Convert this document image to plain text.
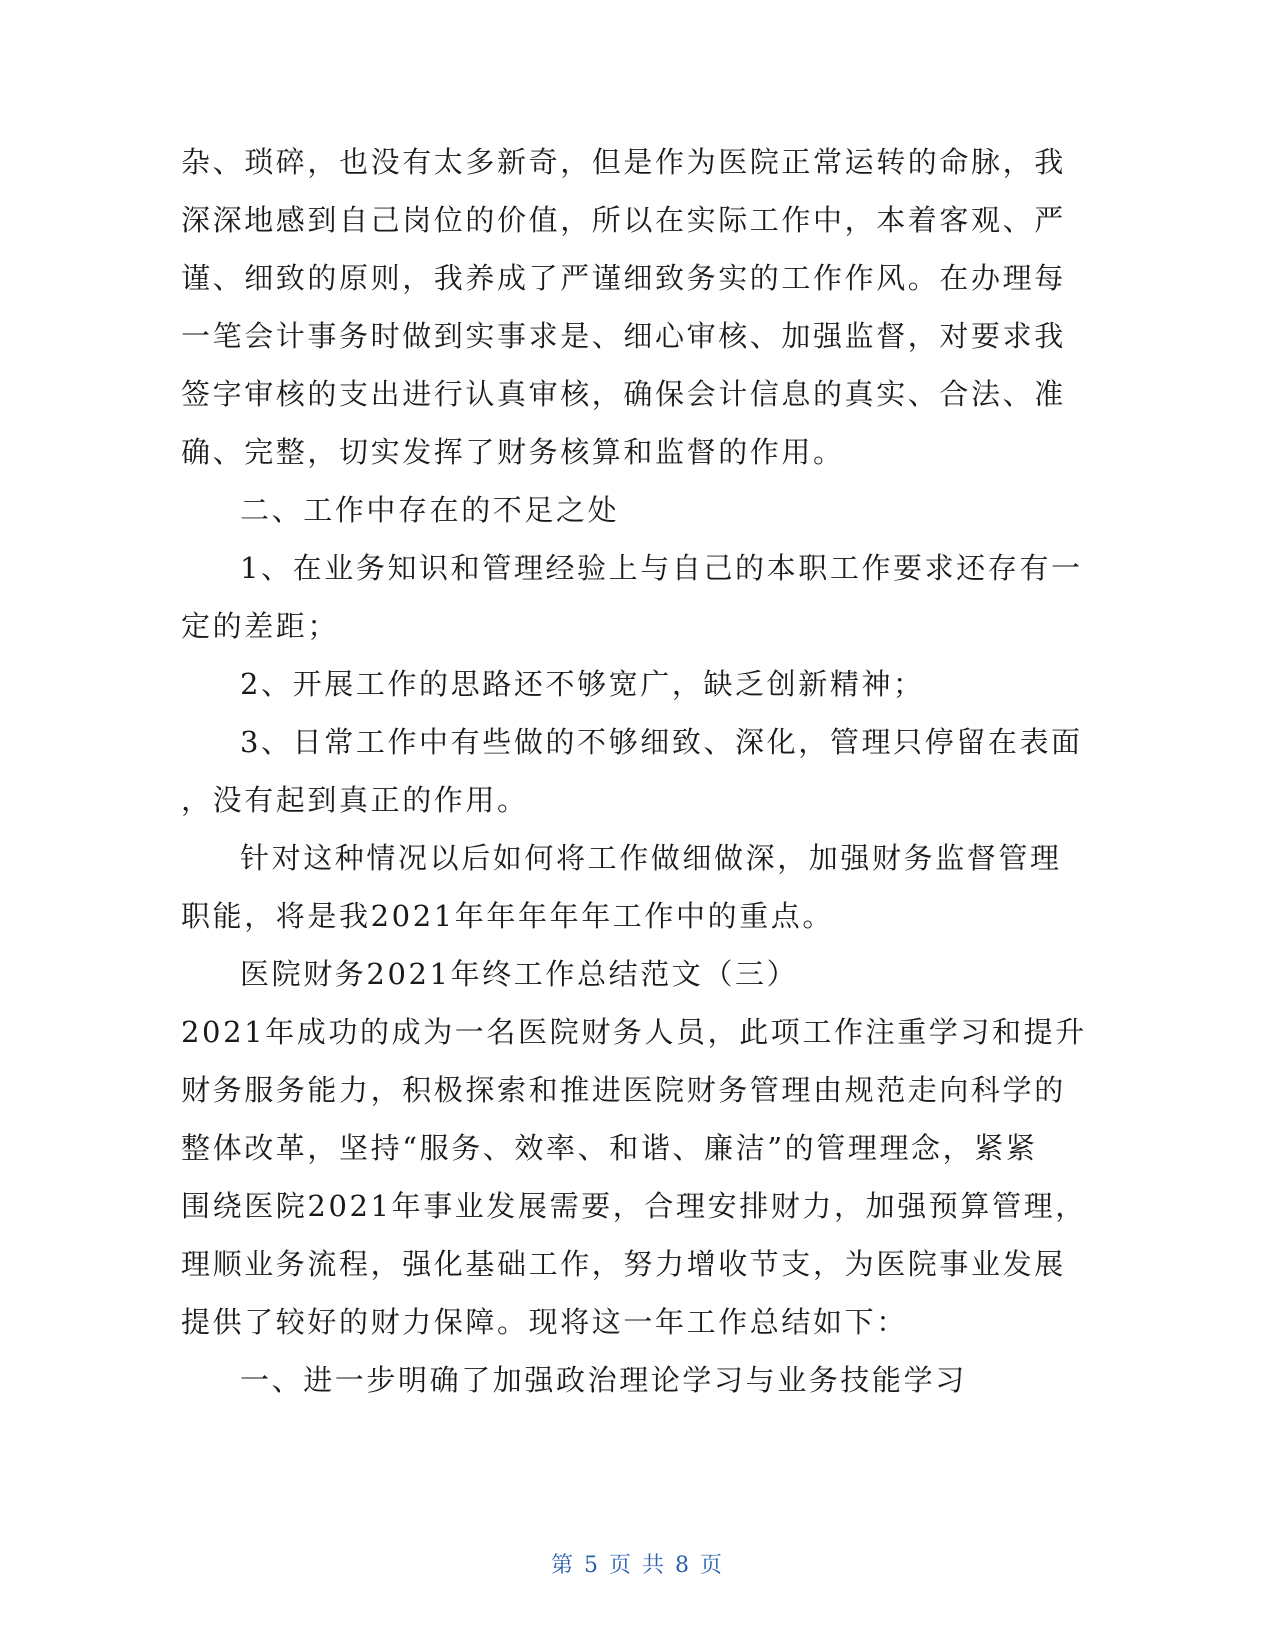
杂、琐碎，也没有太多新奇，但是作为医院正常运转的命脉，我
深深地感到自己岗位的价值，所以在实际工作中，本着客观、严
谨、细致的原则，我养成了严谨细致务实的工作作风。在办理每
一笔会计事务时做到实事求是、细心审核、加强监督，对要求我
签字审核的支出进行认真审核，确保会计信息的真实、合法、准
确、完整，切实发挥了财务核算和监督的作用。
二、工作中存在的不足之处
1、在业务知识和管理经验上与自己的本职工作要求还存有一
定的差距；
2、开展工作的思路还不够宽广，缺乏创新精神；
3、日常工作中有些做的不够细致、深化，管理只停留在表面
，没有起到真正的作用。
针对这种情况以后如何将工作做细做深，加强财务监督管理
职能，将是我2021年年年年年工作中的重点。
医院财务2021年终工作总结范文（三）
2021年成功的成为一名医院财务人员，此项工作注重学习和提升
财务服务能力，积极探索和推进医院财务管理由规范走向科学的
整体改革，坚持“服务、效率、和谐、廉洁”的管理理念，紧紧
围绕医院2021年事业发展需要，合理安排财力，加强预算管理，
理顺业务流程，强化基础工作，努力增收节支，为医院事业发展
提供了较好的财力保障。现将这一年工作总结如下：
一、进一步明确了加强政治理论学习与业务技能学习
第 5 页 共 8 页
